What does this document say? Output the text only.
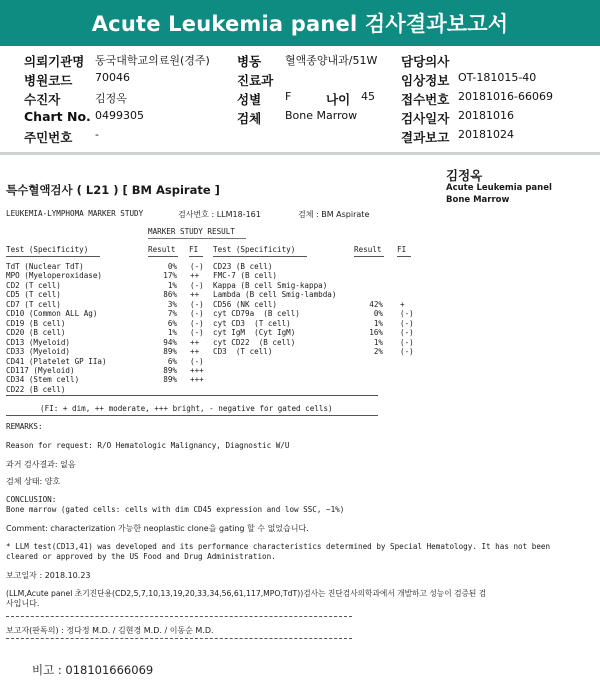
Acute Leukemia panel 검사결과보고서
의뢰기관명 동국대학교의료원(경주) 병동 혈액종양내과/51W 담당의사
병원코드 70046	진료과	임상정보 OT-181015-40
수진자	김정옥	성별 F	나이 45 접수번호 20181016-66069
Chart No. 0499305	검체 Bone Marrow	검사일자 20181016
주민번호 -	결과보고 20181024
특수혈액검사 ( L21 ) [ BM Aspirate ]
김정옥
Acute Leukemia panel
Bone Marrow
LEUKEMIA-LYMPHOMA MARKER STUDY	검사번호 : LLM18-161	검체 : BM Aspirate
MARKER STUDY RESULT
Test (Specificity)	Result FI Test (Specificity)	Result FI
TdT (Nuclear TdT)	0% (-)
MPO (Myeloperoxidase)	17% ++
CD2 (T cell)	1% (-)
CD5 (T cell)	86% ++
CD7 (T cell)	3% (-)
CD10 (Common ALL Ag)	7% (-)
CD19 (B cell)	6% (-)
CD20 (B cell)	1% (-)
CD13 (Myeloid)	94% ++
CD33 (Myeloid)	89% ++
CD41 (Platelet GP IIa)	6% (-)
CD117 (Myeloid)	89% +++
CD34 (Stem cell)	89% +++
CD22 (B cell)
CD23 (B cell)
FMC-7 (B cell)
Kappa (B cell Smig-kappa)
Lambda (B cell Smig-lambda)
CD56 (NK cell)	42% +
cyt CD79a  (B cell)	0% (-)
cyt CD3  (T cell)	1% (-)
cyt IgM  (Cyt IgM)	16% (-)
cyt CD22  (B cell)	1% (-)
CD3  (T cell)	2% (-)
(FI: + dim, ++ moderate, +++ bright, - negative for gated cells)
REMARKS:
Reason for request: R/O Hematologic Malignancy, Diagnostic W/U
과거 검사결과: 없음
검체 상태: 양호
CONCLUSION:
Bone marrow (gated cells: cells with dim CD45 expression and low SSC, ~1%)
Comment: characterization 가능한 neoplastic clone을 gating 할 수 없었습니다.
* LLM test(CD13,41) was developed and its performance characteristics determined by Special Hematology. It has not been
cleared or approved by the US Food and Drug Administration.
보고일자 : 2018.10.23
(LLM,Acute panel 초기진단용(CD2,5,7,10,13,19,20,33,34,56,61,117,MPO,TdT))검사는 진단검사의학과에서 개발하고 성능이 검증된 검
사입니다.
보고자(판독의) : 정다정 M.D. / 김현경 M.D. / 이동순 M.D.
비고 : 018101666069
